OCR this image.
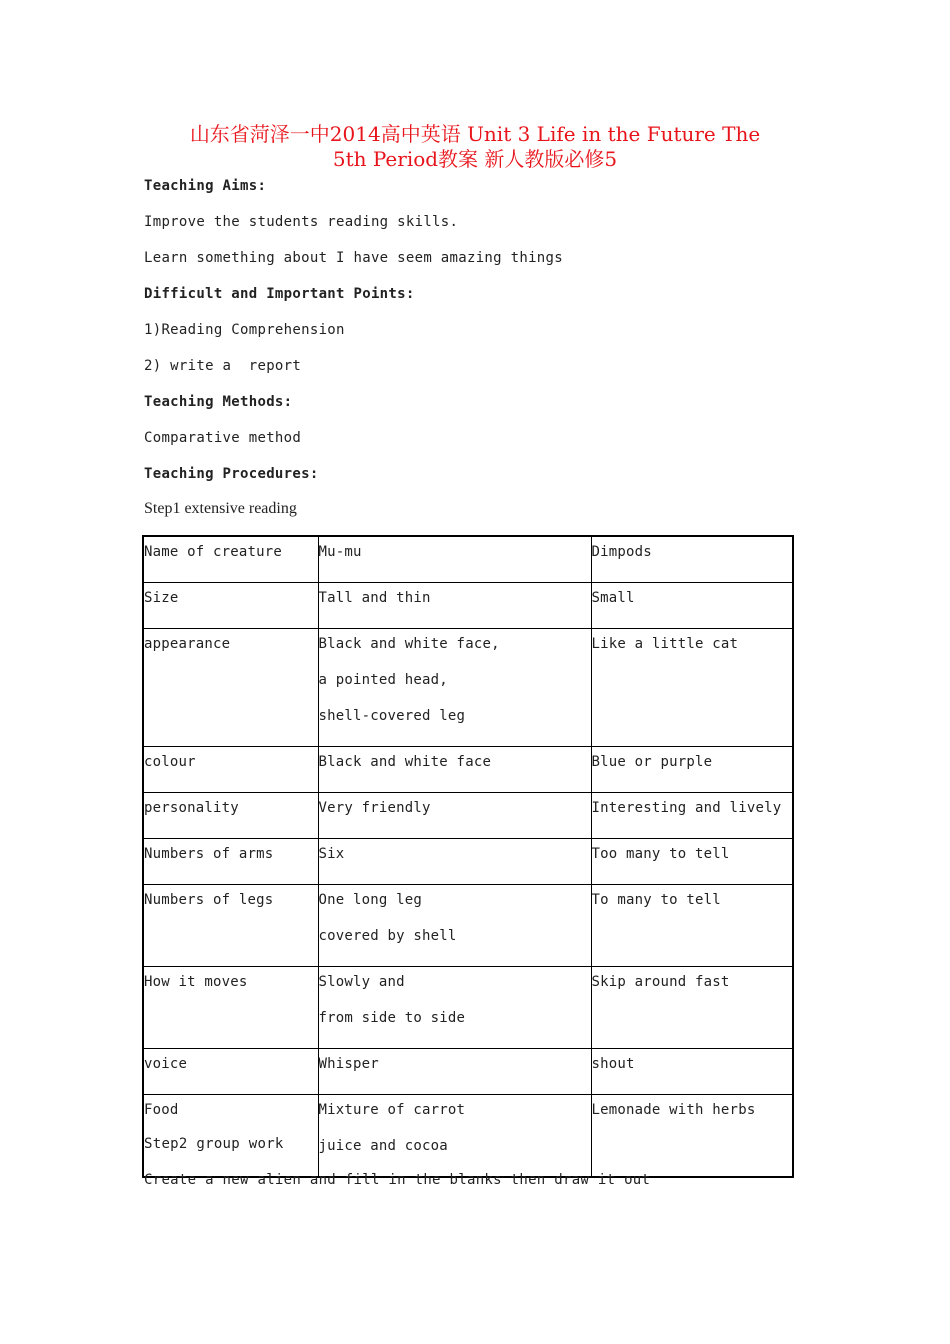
山东省菏泽一中2014高中英语 Unit 3 Life in the Future The
5th Period教案 新人教版必修5
Teaching Aims:
Improve the students reading skills.
Learn something about I have seem amazing things
Difficult and Important Points:
1)Reading Comprehension
2) write a  report
Teaching Methods:
Comparative method
Teaching Procedures:
Step1 extensive reading
Name of creature	Mu-mu	Dimpods

Size	Tall and thin	Small

appearance	Black and white face,
a pointed head,
shell-covered leg	Like a little cat

colour	Black and white face	Blue or purple

personality	Very friendly	Interesting and lively

Numbers of arms	Six	Too many to tell

Numbers of legs	One long leg
covered by shell	To many to tell

How it moves	Slowly and
from side to side	Skip around fast

voice	Whisper	shout

Food	Mixture of carrot
juice and cocoa	Lemonade with herbs
Step2 group work
Create a new alien and fill in the blanks then draw it out
